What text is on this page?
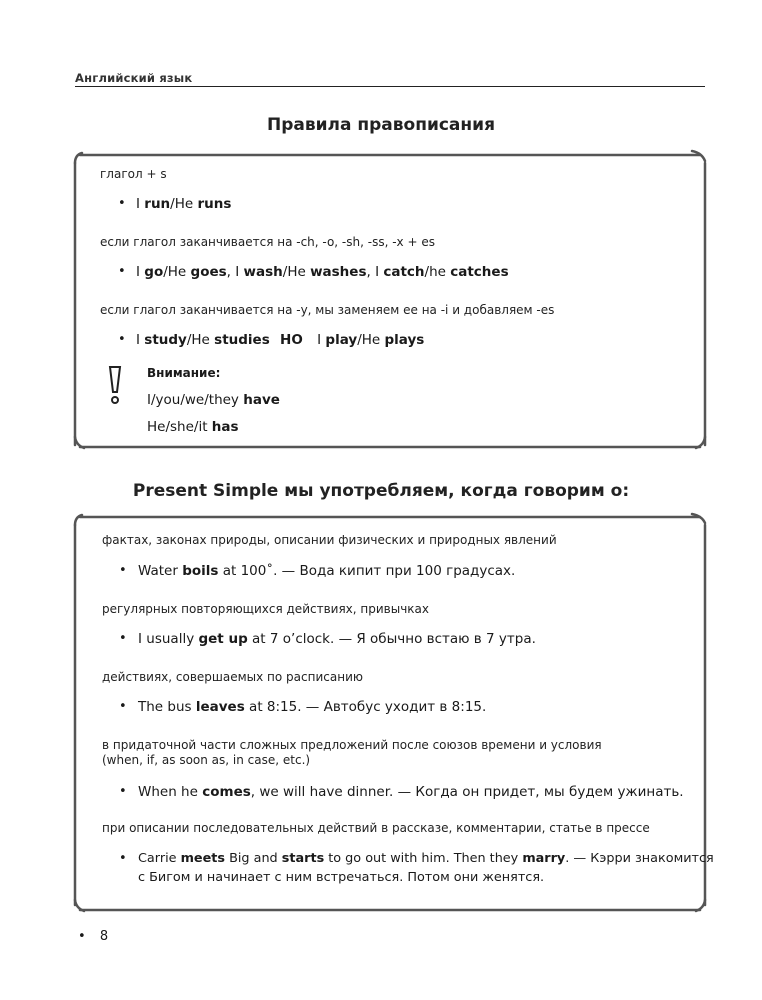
Английский язык
Правила правописания
глагол + s
• I run/He runs
если глагол заканчивается на -ch, -o, -sh, -ss, -x + es
• I go/He goes, I wash/He washes, I catch/he catches
если глагол заканчивается на -y, мы заменяем ее на -i и добавляем -es
• I study/He studies НО I play/He plays
Внимание:
I/you/we/they have
He/she/it has
Present Simple мы употребляем, когда говорим о:
фактах, законах природы, описании физических и природных явлений
• Water boils at 100˚. — Вода кипит при 100 градусах.
регулярных повторяющихся действиях, привычках
• I usually get up at 7 o’clock. — Я обычно встаю в 7 утра.
действиях, совершаемых по расписанию
• The bus leaves at 8:15. — Автобус уходит в 8:15.
в придаточной части сложных предложений после союзов времени и условия
(when, if, as soon as, in case, etc.)
• When he comes, we will have dinner. — Когда он придет, мы будем ужинать.
при описании последовательных действий в рассказе, комментарии, статье в прессе
• Carrie meets Big and starts to go out with him. Then they marry. — Кэрри знакомится
с Бигом и начинает с ним встречаться. Потом они женятся.
• 8
